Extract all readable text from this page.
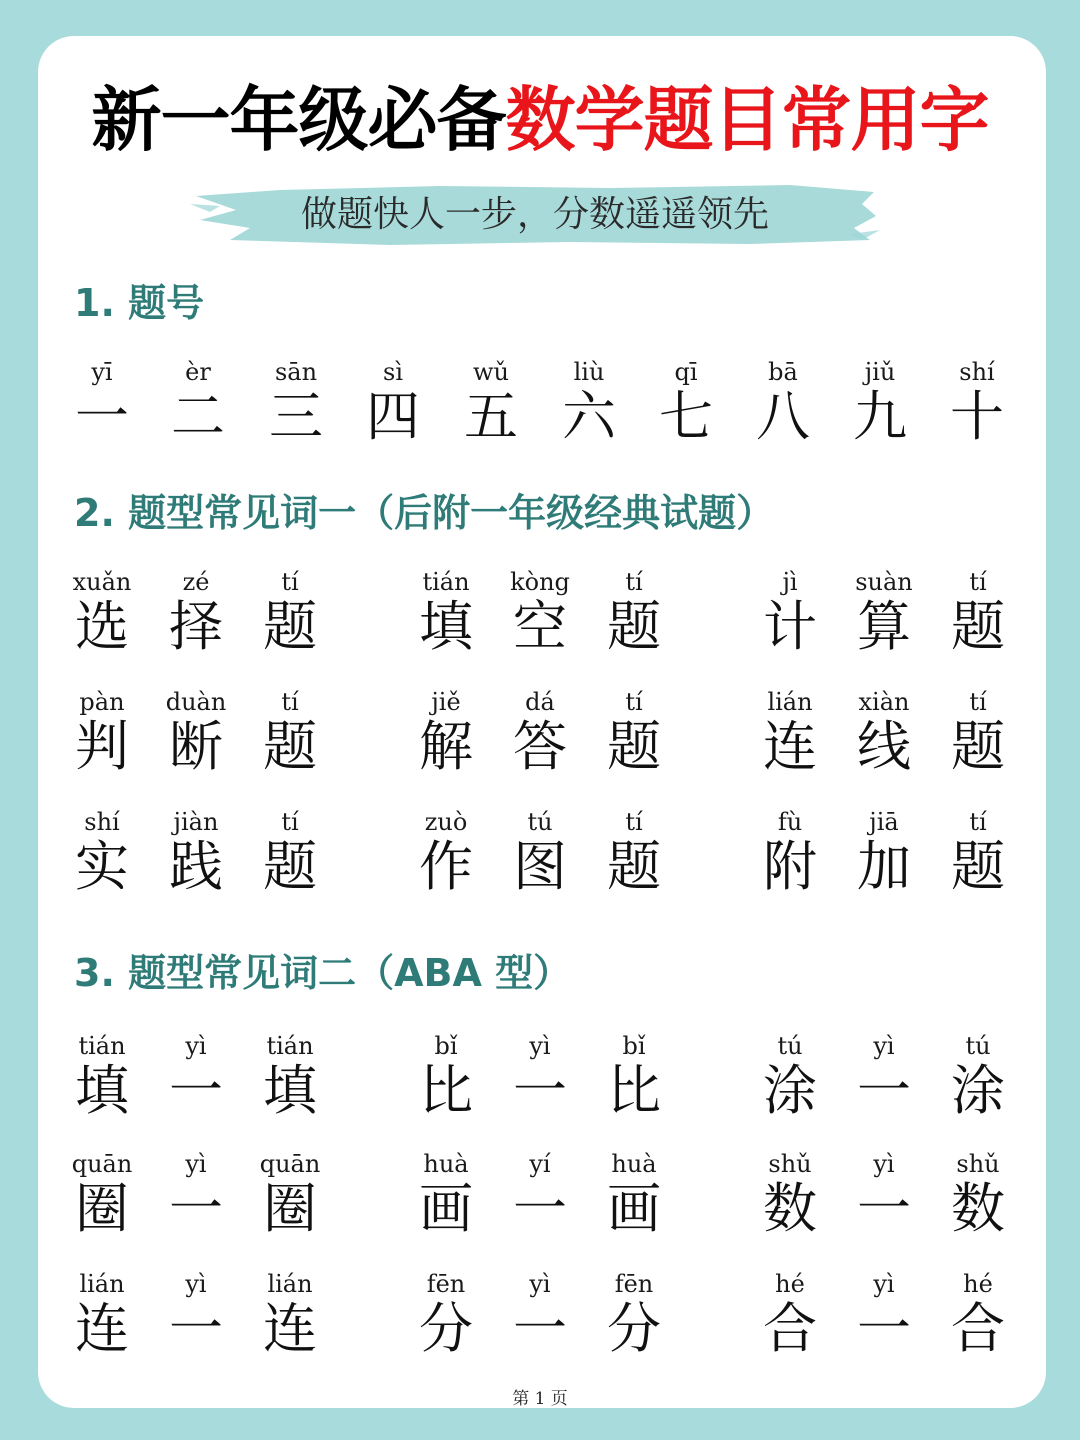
新一年级必备数学题目常用字
做题快人一步，分数遥遥领先
1. 题号
2. 题型常见词一（后附一年级经典试题）
3. 题型常见词二（ABA 型）
yī
一
èr
二
sān
三
sì
四
wǔ
五
liù
六
qī
七
bā
八
jiǔ
九
shí
十
xuǎn
选
zé
择
tí
题
tián
填
kòng
空
tí
题
jì
计
suàn
算
tí
题
pàn
判
duàn
断
tí
题
jiě
解
dá
答
tí
题
lián
连
xiàn
线
tí
题
shí
实
jiàn
践
tí
题
zuò
作
tú
图
tí
题
fù
附
jiā
加
tí
题
tián
填
yì
一
tián
填
bǐ
比
yì
一
bǐ
比
tú
涂
yì
一
tú
涂
quān
圈
yì
一
quān
圈
huà
画
yí
一
huà
画
shǔ
数
yì
一
shǔ
数
lián
连
yì
一
lián
连
fēn
分
yì
一
fēn
分
hé
合
yì
一
hé
合
第 1 页
